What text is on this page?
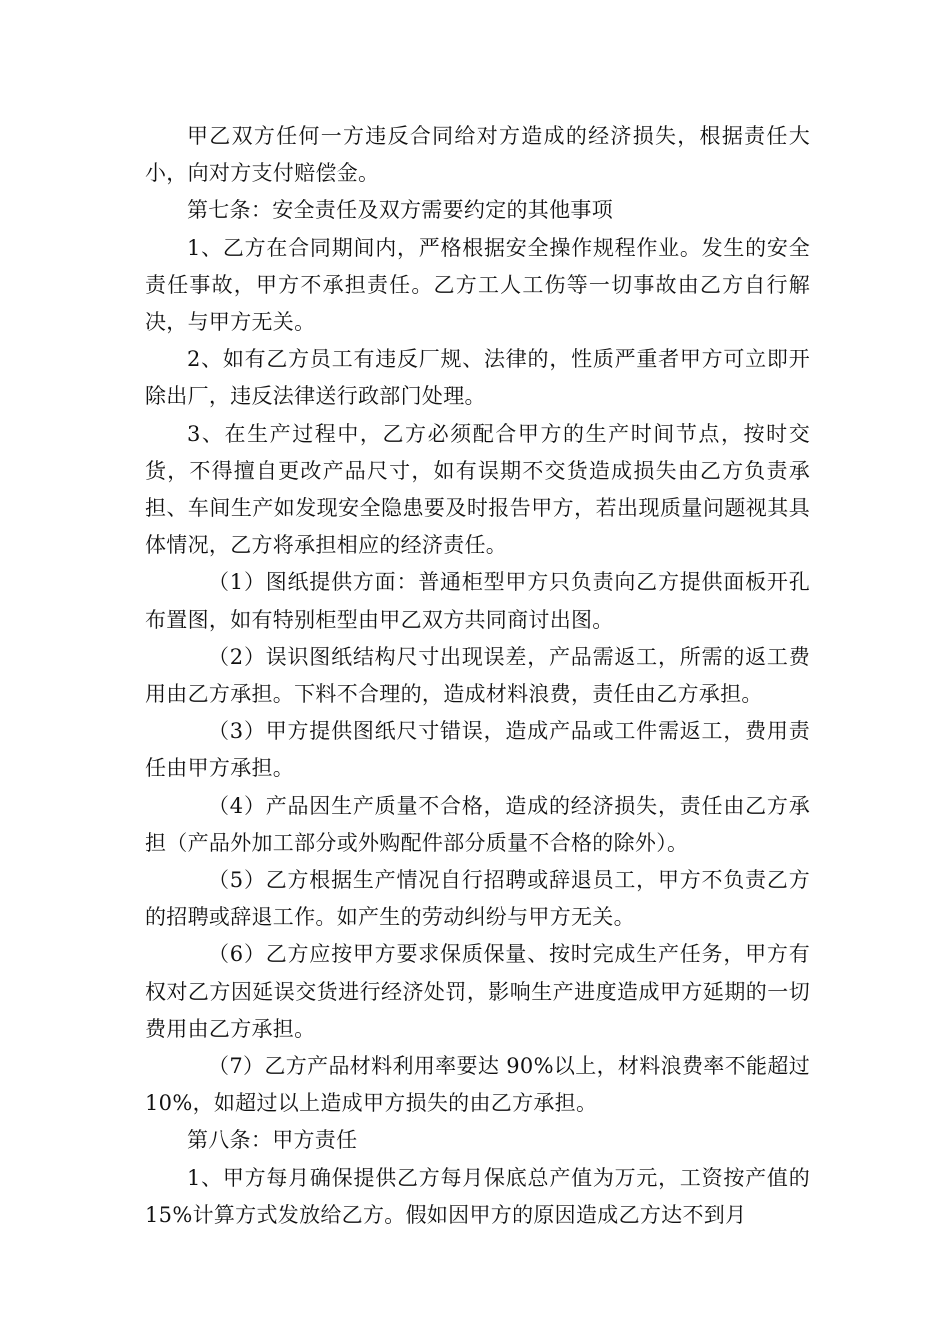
甲乙双方任何一方违反合同给对方造成的经济损失，根据责任大小，向对方支付赔偿金。

第七条：安全责任及双方需要约定的其他事项

1、乙方在合同期间内，严格根据安全操作规程作业。发生的安全责任事故，甲方不承担责任。乙方工人工伤等一切事故由乙方自行解决，与甲方无关。

2、如有乙方员工有违反厂规、法律的，性质严重者甲方可立即开除出厂，违反法律送行政部门处理。

3、在生产过程中，乙方必须配合甲方的生产时间节点，按时交货，不得擅自更改产品尺寸，如有误期不交货造成损失由乙方负责承担、车间生产如发现安全隐患要及时报告甲方，若出现质量问题视其具体情况，乙方将承担相应的经济责任。

（1）图纸提供方面：普通柜型甲方只负责向乙方提供面板开孔布置图，如有特别柜型由甲乙双方共同商讨出图。

（2）误识图纸结构尺寸出现误差，产品需返工，所需的返工费用由乙方承担。下料不合理的，造成材料浪费，责任由乙方承担。

（3）甲方提供图纸尺寸错误，造成产品或工件需返工，费用责任由甲方承担。

（4）产品因生产质量不合格，造成的经济损失，责任由乙方承担（产品外加工部分或外购配件部分质量不合格的除外）。

（5）乙方根据生产情况自行招聘或辞退员工，甲方不负责乙方的招聘或辞退工作。如产生的劳动纠纷与甲方无关。

（6）乙方应按甲方要求保质保量、按时完成生产任务，甲方有权对乙方因延误交货进行经济处罚，影响生产进度造成甲方延期的一切费用由乙方承担。

（7）乙方产品材料利用率要达 90%以上，材料浪费率不能超过 10%，如超过以上造成甲方损失的由乙方承担。

第八条：甲方责任

1、甲方每月确保提供乙方每月保底总产值为万元，工资按产值的 15%计算方式发放给乙方。假如因甲方的原因造成乙方达不到月
